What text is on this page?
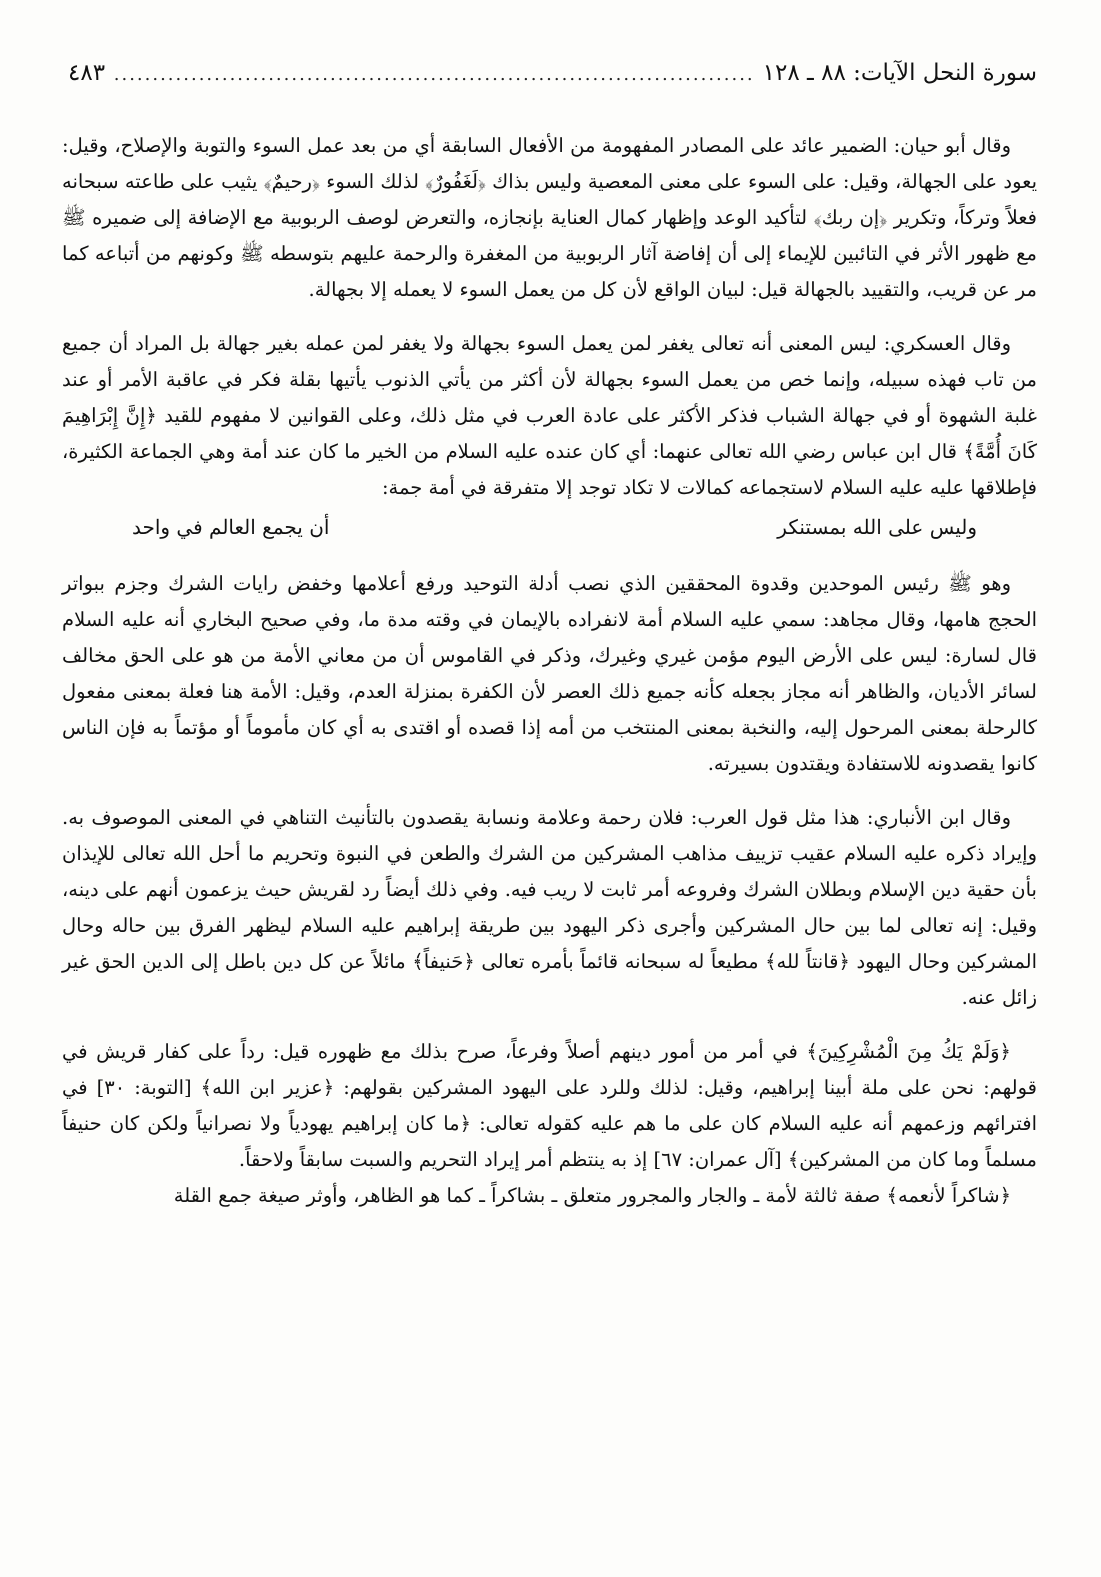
سورة النحل الآيات: ٨٨ ـ ١٢٨
.....
٤٨٣

وقال أبو حيان: الضمير عائد على المصادر المفهومة من الأفعال السابقة أي من بعد عمل السوء والتوبة والإصلاح، وقيل: يعود على الجهالة، وقيل: على السوء على معنى المعصية وليس بذاك ﴿لَغَفُورٌ﴾ لذلك السوء ﴿رحيمٌ﴾ يثيب على طاعته سبحانه فعلاً وتركاً، وتكرير ﴿إن ربك﴾ لتأكيد الوعد وإظهار كمال العناية بإنجازه، والتعرض لوصف الربوبية مع الإضافة إلى ضميره ﷺ مع ظهور الأثر في التائبين للإيماء إلى أن إفاضة آثار الربوبية من المغفرة والرحمة عليهم بتوسطه ﷺ وكونهم من أتباعه كما مر عن قريب، والتقييد بالجهالة قيل: لبيان الواقع لأن كل من يعمل السوء لا يعمله إلا بجهالة.

وقال العسكري: ليس المعنى أنه تعالى يغفر لمن يعمل السوء بجهالة ولا يغفر لمن عمله بغير جهالة بل المراد أن جميع من تاب فهذه سبيله، وإنما خص من يعمل السوء بجهالة لأن أكثر من يأتي الذنوب يأتيها بقلة فكر في عاقبة الأمر أو عند غلبة الشهوة أو في جهالة الشباب فذكر الأكثر على عادة العرب في مثل ذلك، وعلى القوانين لا مفهوم للقيد ﴿إِنَّ إِبْرَاهِيمَ كَانَ أُمَّةً﴾ قال ابن عباس رضي الله تعالى عنهما: أي كان عنده عليه السلام من الخير ما كان عند أمة وهي الجماعة الكثيرة، فإطلاقها عليه عليه السلام لاستجماعه كمالات لا تكاد توجد إلا متفرقة في أمة جمة:

وليس على الله بمستنكر
أن يجمع العالم في واحد

وهو ﷺ رئيس الموحدين وقدوة المحققين الذي نصب أدلة التوحيد ورفع أعلامها وخفض رايات الشرك وجزم ببواتر الحجج هامها، وقال مجاهد: سمي عليه السلام أمة لانفراده بالإيمان في وقته مدة ما، وفي صحيح البخاري أنه عليه السلام قال لسارة: ليس على الأرض اليوم مؤمن غيري وغيرك، وذكر في القاموس أن من معاني الأمة من هو على الحق مخالف لسائر الأديان، والظاهر أنه مجاز بجعله كأنه جميع ذلك العصر لأن الكفرة بمنزلة العدم، وقيل: الأمة هنا فعلة بمعنى مفعول كالرحلة بمعنى المرحول إليه، والنخبة بمعنى المنتخب من أمه إذا قصده أو اقتدى به أي كان مأموماً أو مؤتماً به فإن الناس كانوا يقصدونه للاستفادة ويقتدون بسيرته.

وقال ابن الأنباري: هذا مثل قول العرب: فلان رحمة وعلامة ونسابة يقصدون بالتأنيث التناهي في المعنى الموصوف به. وإيراد ذكره عليه السلام عقيب تزييف مذاهب المشركين من الشرك والطعن في النبوة وتحريم ما أحل الله تعالى للإيذان بأن حقية دين الإسلام وبطلان الشرك وفروعه أمر ثابت لا ريب فيه. وفي ذلك أيضاً رد لقريش حيث يزعمون أنهم على دينه، وقيل: إنه تعالى لما بين حال المشركين وأجرى ذكر اليهود بين طريقة إبراهيم عليه السلام ليظهر الفرق بين حاله وحال المشركين وحال اليهود ﴿قانتاً لله﴾ مطيعاً له سبحانه قائماً بأمره تعالى ﴿حَنيفاً﴾ مائلاً عن كل دين باطل إلى الدين الحق غير زائل عنه.

﴿وَلَمْ يَكُ مِنَ الْمُشْرِكِينَ﴾ في أمر من أمور دينهم أصلاً وفرعاً، صرح بذلك مع ظهوره قيل: رداً على كفار قريش في قولهم: نحن على ملة أبينا إبراهيم، وقيل: لذلك وللرد على اليهود المشركين بقولهم: ﴿عزير ابن الله﴾ [التوبة: ٣٠] في افترائهم وزعمهم أنه عليه السلام كان على ما هم عليه كقوله تعالى: ﴿ما كان إبراهيم يهودياً ولا نصرانياً ولكن كان حنيفاً مسلماً وما كان من المشركين﴾ [آل عمران: ٦٧] إذ به ينتظم أمر إيراد التحريم والسبت سابقاً ولاحقاً.

﴿شاكراً لأنعمه﴾ صفة ثالثة لأمة ـ والجار والمجرور متعلق ـ بشاكراً ـ كما هو الظاهر، وأوثر صيغة جمع القلة
